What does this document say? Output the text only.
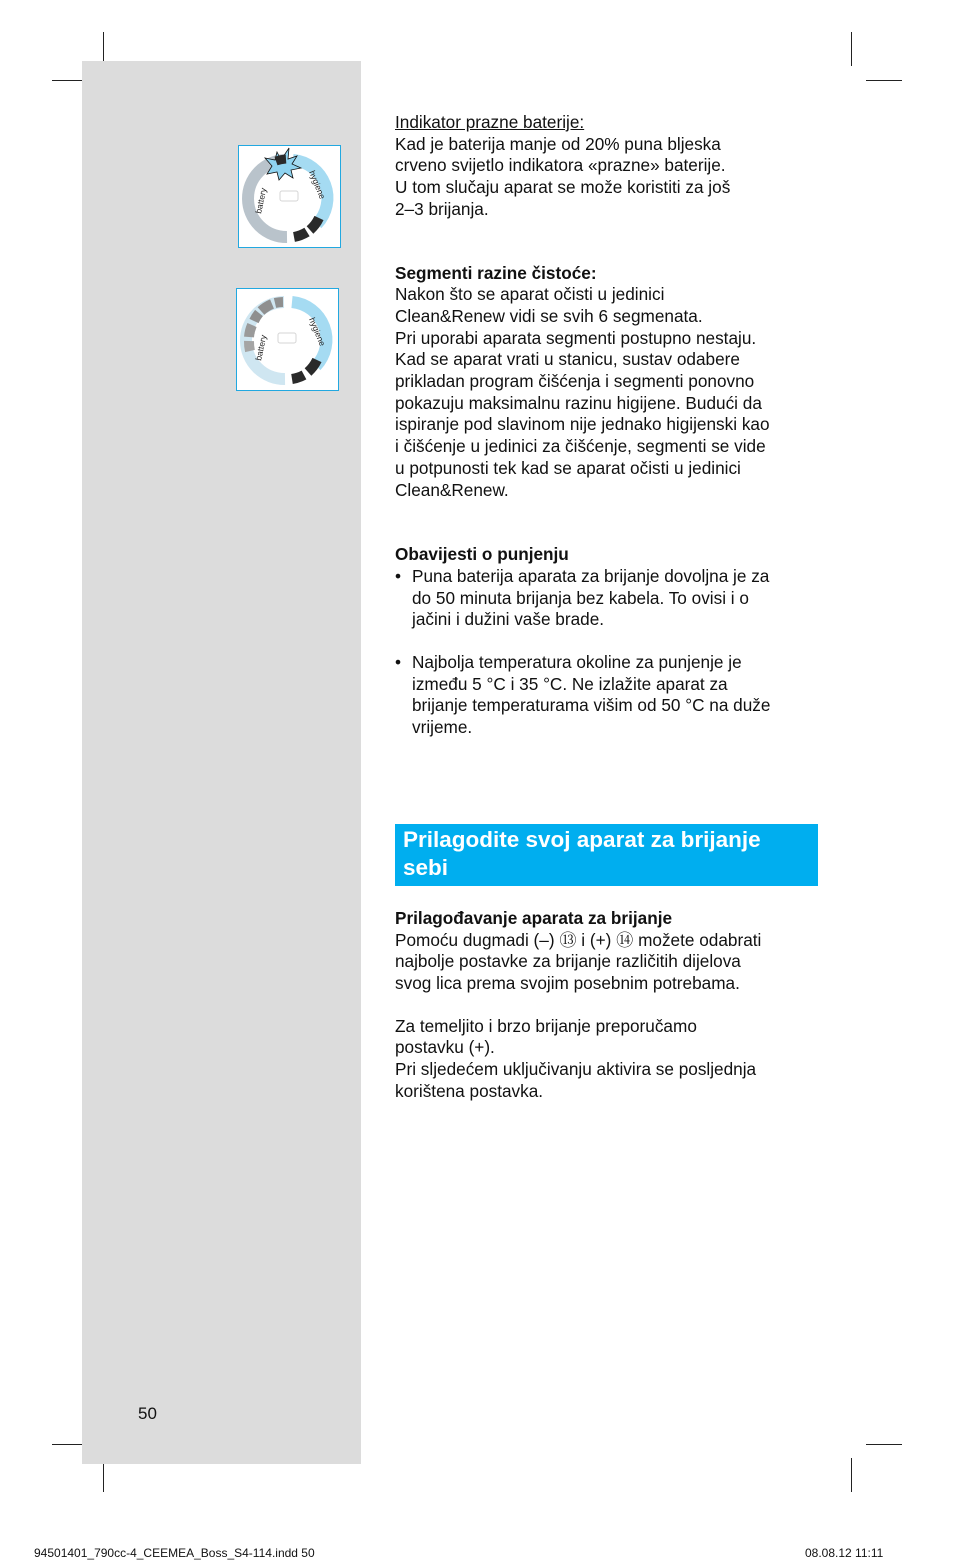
50
battery
hygiene
battery
hygiene

Indikator prazne baterije:

Kad je baterija manje od 20% puna bljeska

crveno svijetlo indikatora «prazne» baterije.

U tom slučaju aparat se može koristiti za još

2–3 brijanja.

Segmenti razine čistoće:

Nakon što se aparat očisti u jedinici

Clean&Renew vidi se svih 6 segmenata.

Pri uporabi aparata segmenti postupno nestaju.

Kad se aparat vrati u stanicu, sustav odabere

prikladan program čišćenja i segmenti ponovno

pokazuju maksimalnu razinu higijene. Budući da

ispiranje pod slavinom nije jednako higijenski kao

i čišćenje u jedinici za čišćenje, segmenti se vide

u potpunosti tek kad se aparat očisti u jedinici

Clean&Renew.

Obavijesti o punjenju

• Puna baterija aparata za brijanje dovoljna je za

do 50 minuta brijanja bez kabela. To ovisi i o

jačini i dužini vaše brade.

• Najbolja temperatura okoline za punjenje je

između 5 °C i 35 °C. Ne izlažite aparat za

brijanje temperaturama višim od 50 °C na duže

vrijeme.

Prilagodite svoj aparat za brijanje
sebi

Prilagođavanje aparata za brijanje

Pomoću dugmadi (–) ⑬ i (+) ⑭ možete odabrati

najbolje postavke za brijanje različitih dijelova

svog lica prema svojim posebnim potrebama.

Za temeljito i brzo brijanje preporučamo

postavku (+).

Pri sljedećem uključivanju aktivira se posljednja

korištena postavka.

94501401_790cc-4_CEEMEA_Boss_S4-114.indd 50	08.08.12 11:11
